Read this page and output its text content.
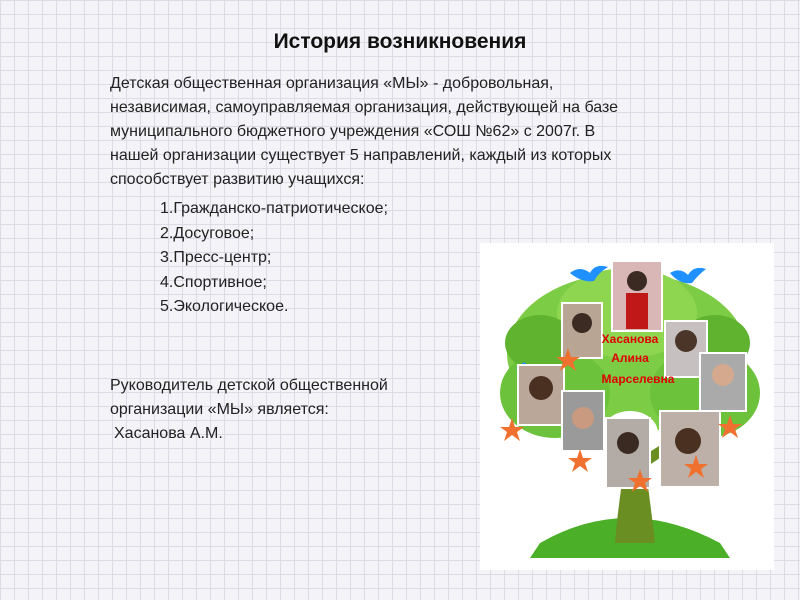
История возникновения
Детская общественная организация «МЫ» - добровольная,
независимая, самоуправляемая организация, действующей на базе
муниципального бюджетного учреждения «СОШ №62» с 2007г. В
нашей организации существует 5 направлений, каждый из которых
способствует развитию учащихся:
1.Гражданско-патриотическое;
2.Досуговое;
3.Пресс-центр;
4.Спортивное;
5.Экологическое.
Руководитель детской общественной
организации «МЫ» является:
Хасанова А.М.
Хасанова
Алина
Марселевна
